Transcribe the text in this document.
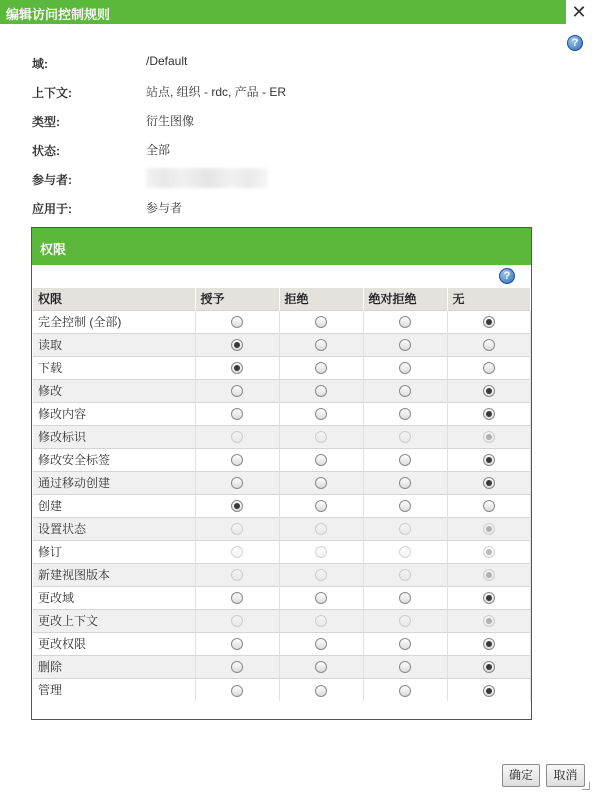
编辑访问控制规则	✕
?
域:	/Default
上下文:	站点, 组织 - rdc, 产品 - ER
类型:	衍生图像
状态:	全部
参与者:
应用于:	参与者
权限
?
权限	授予	拒绝	绝对拒绝	无
完全控制 (全部)				
读取				
下载				
修改				
修改内容				
修改标识				
修改安全标签				
通过移动创建				
创建				
设置状态				
修订				
新建视图版本				
更改域				
更改上下文				
更改权限				
删除				
管理				
确定	取消
